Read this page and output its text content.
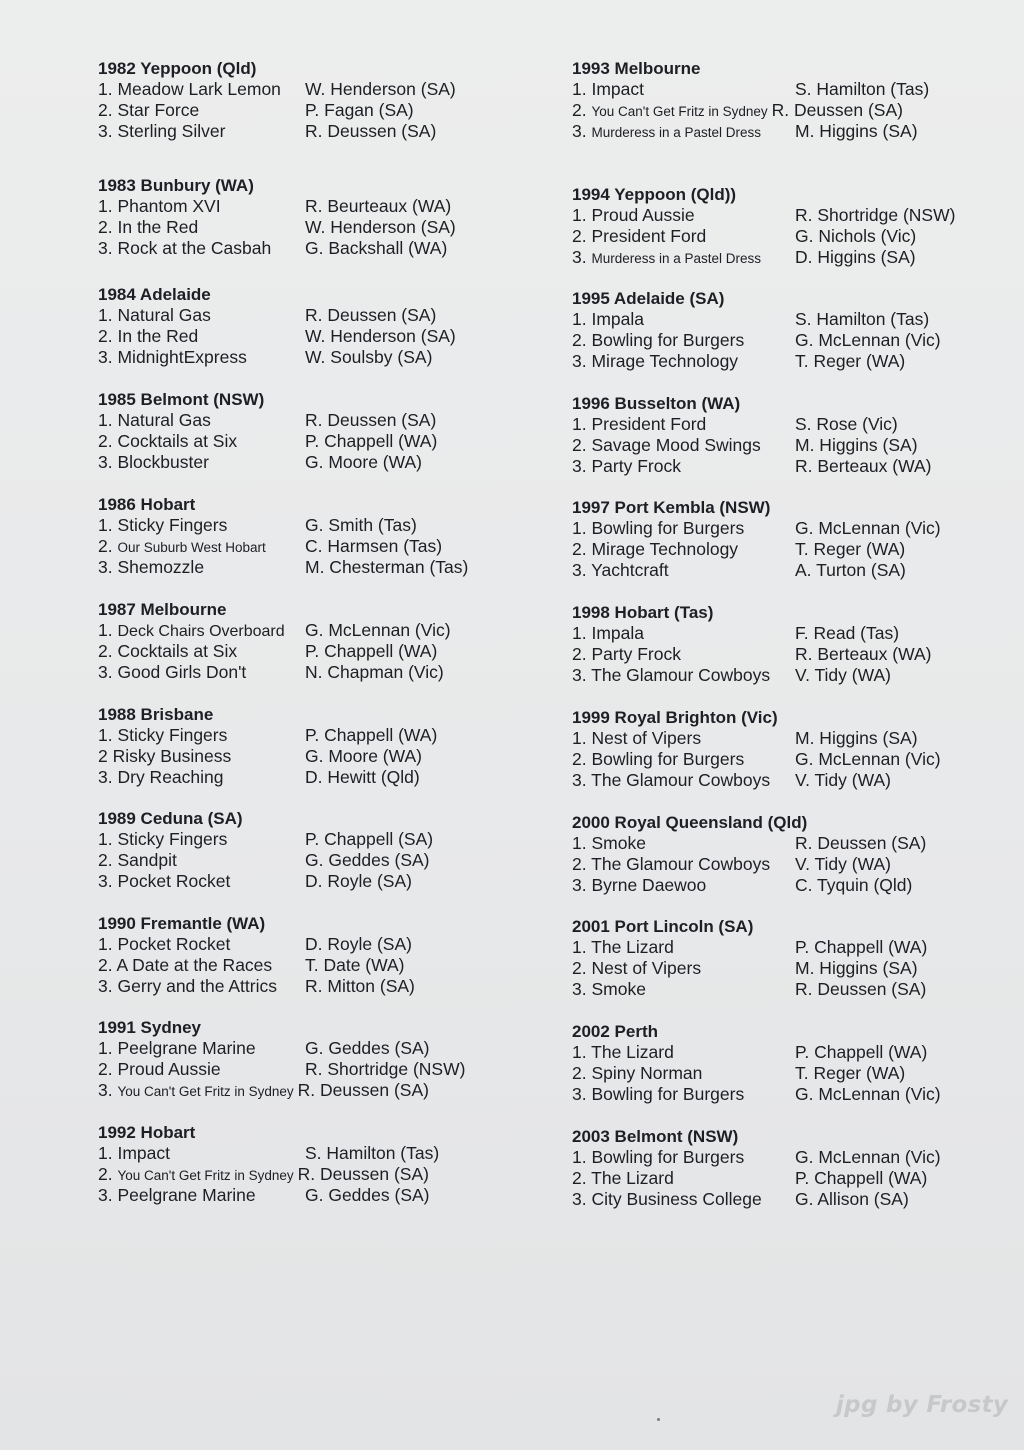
1982 Yeppoon (Qld)
1. Meadow Lark Lemon W. Henderson (SA)
2. Star Force	P. Fagan (SA)
3. Sterling Silver	R. Deussen (SA)
1983 Bunbury (WA)
1. Phantom XVI	R. Beurteaux (WA)
2. In the Red	W. Henderson (SA)
3. Rock at the Casbah G. Backshall (WA)
1984 Adelaide
1. Natural Gas	R. Deussen (SA)
2. In the Red	W. Henderson (SA)
3. MidnightExpress	W. Soulsby (SA)
1985 Belmont (NSW)
1. Natural Gas	R. Deussen (SA)
2. Cocktails at Six	P. Chappell (WA)
3. Blockbuster	G. Moore (WA)
1986 Hobart
1. Sticky Fingers	G. Smith (Tas)
2. Our Suburb West Hobart C. Harmsen (Tas)
3. Shemozzle	M. Chesterman (Tas)
1987 Melbourne
1. Deck Chairs Overboard G. McLennan (Vic)
2. Cocktails at Six	P. Chappell (WA)
3. Good Girls Don't	N. Chapman (Vic)
1988 Brisbane
1. Sticky Fingers	P. Chappell (WA)
2 Risky Business	G. Moore (WA)
3. Dry Reaching	D. Hewitt (Qld)
1989 Ceduna (SA)
1. Sticky Fingers	P. Chappell (SA)
2. Sandpit	G. Geddes (SA)
3. Pocket Rocket	D. Royle (SA)
1990 Fremantle (WA)
1. Pocket Rocket	D. Royle (SA)
2. A Date at the Races T. Date (WA)
3. Gerry and the Attrics R. Mitton (SA)
1991 Sydney
1. Peelgrane Marine	G. Geddes (SA)
2. Proud Aussie	R. Shortridge (NSW)
3. You Can't Get Fritz in Sydney R. Deussen (SA)
1992 Hobart
1. Impact	S. Hamilton (Tas)
2. You Can't Get Fritz in Sydney R. Deussen (SA)
3. Peelgrane Marine	G. Geddes (SA)
1993 Melbourne
1. Impact	S. Hamilton (Tas)
2. You Can't Get Fritz in Sydney R. Deussen (SA)
3. Murderess in a Pastel Dress M. Higgins (SA)
1994 Yeppoon (Qld))
1. Proud Aussie	R. Shortridge (NSW)
2. President Ford	G. Nichols (Vic)
3. Murderess in a Pastel Dress D. Higgins (SA)
1995 Adelaide (SA)
1. Impala	S. Hamilton (Tas)
2. Bowling for Burgers	G. McLennan (Vic)
3. Mirage Technology	T. Reger (WA)
1996 Busselton (WA)
1. President Ford	S. Rose (Vic)
2. Savage Mood Swings M. Higgins (SA)
3. Party Frock	R. Berteaux (WA)
1997 Port Kembla (NSW)
1. Bowling for Burgers	G. McLennan (Vic)
2. Mirage Technology	T. Reger (WA)
3. Yachtcraft	A. Turton (SA)
1998 Hobart (Tas)
1. Impala	F. Read (Tas)
2. Party Frock	R. Berteaux (WA)
3. The Glamour Cowboys V. Tidy (WA)
1999 Royal Brighton (Vic)
1. Nest of Vipers	M. Higgins (SA)
2. Bowling for Burgers	G. McLennan (Vic)
3. The Glamour Cowboys V. Tidy (WA)
2000 Royal Queensland (Qld)
1. Smoke	R. Deussen (SA)
2. The Glamour Cowboys V. Tidy (WA)
3. Byrne Daewoo	C. Tyquin (Qld)
2001 Port Lincoln (SA)
1. The Lizard	P. Chappell (WA)
2. Nest of Vipers	M. Higgins (SA)
3. Smoke	R. Deussen (SA)
2002 Perth
1. The Lizard	P. Chappell (WA)
2. Spiny Norman	T. Reger (WA)
3. Bowling for Burgers	G. McLennan (Vic)
2003 Belmont (NSW)
1. Bowling for Burgers	G. McLennan (Vic)
2. The Lizard	P. Chappell (WA)
3. City Business College G. Allison (SA)
jpg by Frosty
